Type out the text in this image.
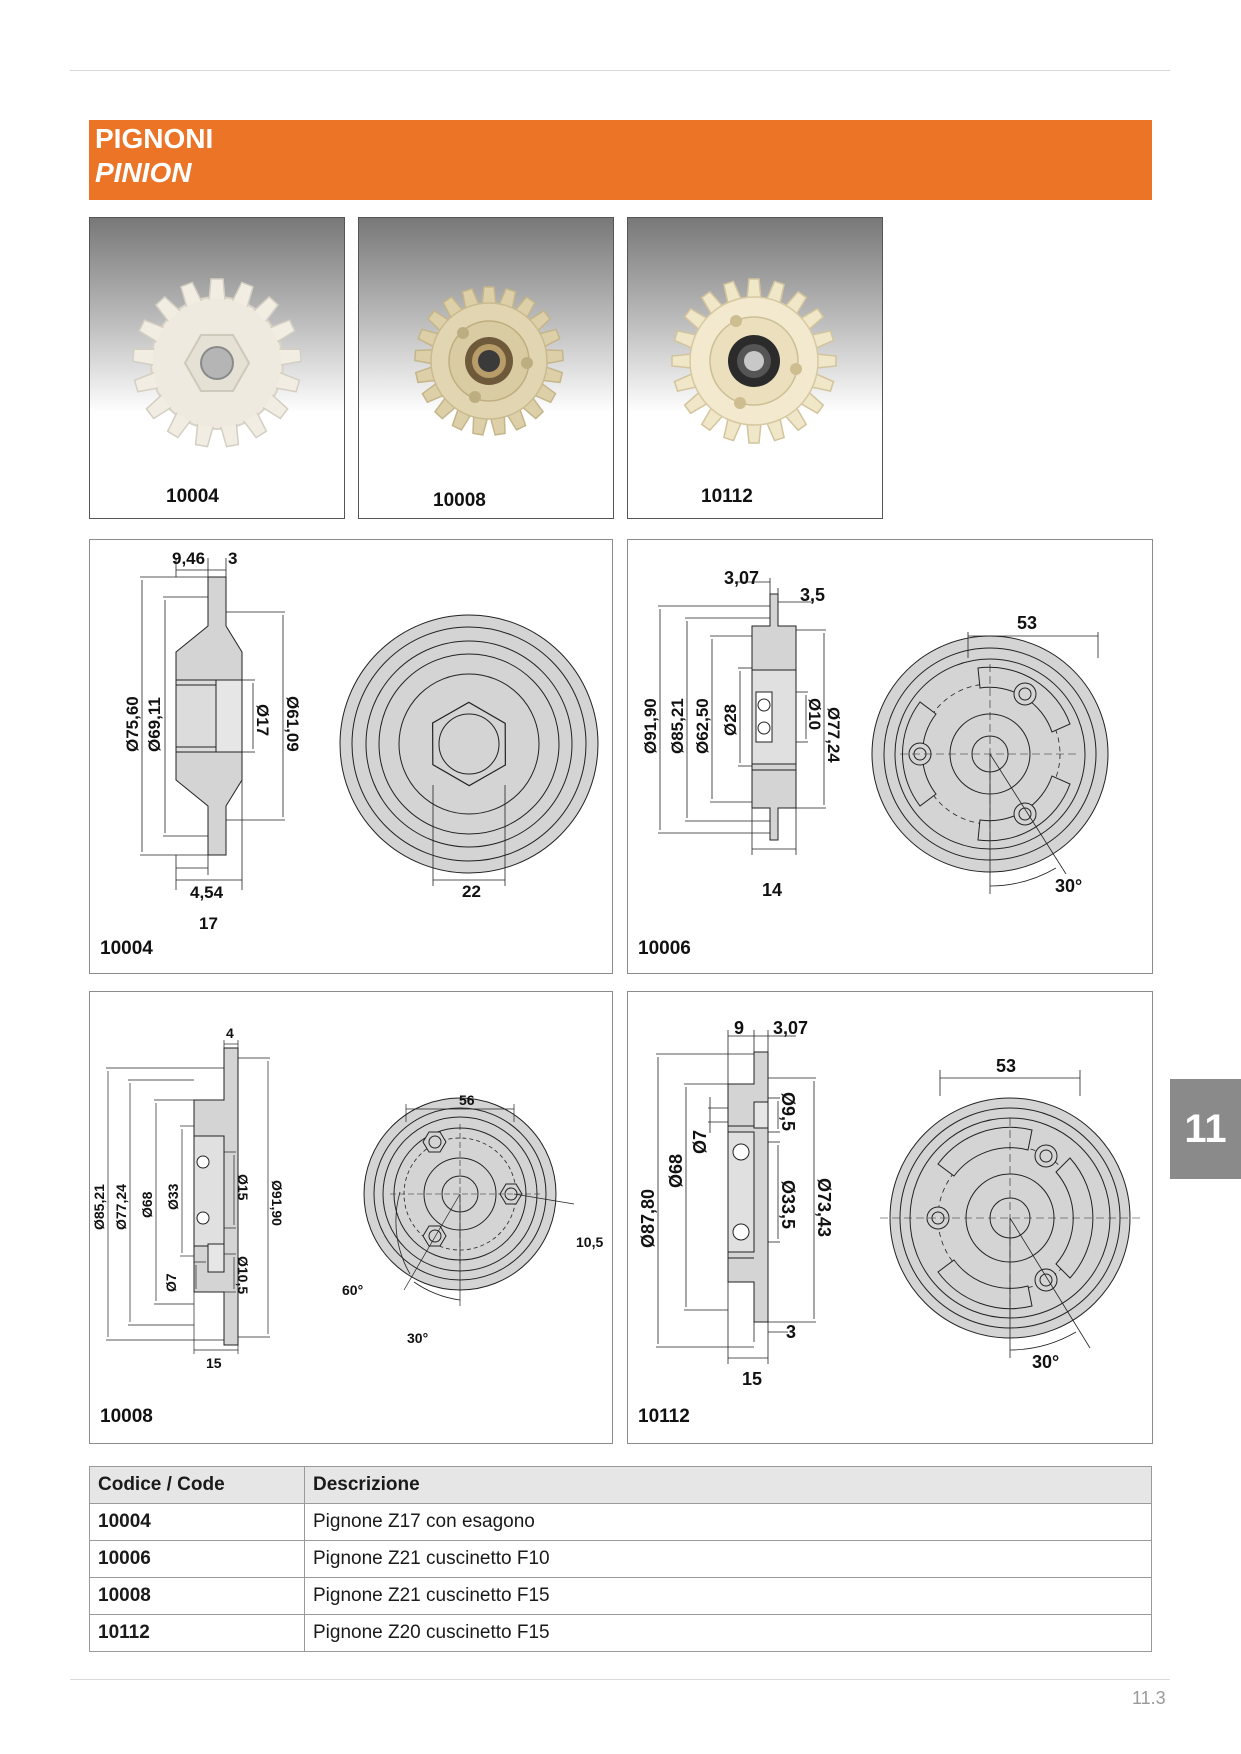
PIGNONI
PINION
10004	10008	10112
9,46 3
Ø75,60 Ø69,11	Ø17 Ø61,09
4,54
17
22
10004
3,07
3,5
Ø91,90 Ø85,21 Ø62,50 Ø28	Ø10 Ø77,24
14
53
30°
10006
4
Ø85,21 Ø77,24 Ø68 Ø33	Ø15 Ø91,90
Ø7	Ø10,5
15
56
10,5
60°
30°
10008
9 3,07
Ø9,5
Ø7
Ø87,80
Ø68
Ø33,5 Ø73,43
3
15
53
30°
10112
11
Codice / Code	Descrizione
10004	Pignone Z17 con esagono
10006	Pignone Z21 cuscinetto F10
10008	Pignone Z21 cuscinetto F15
10112	Pignone Z20 cuscinetto F15
11.3
